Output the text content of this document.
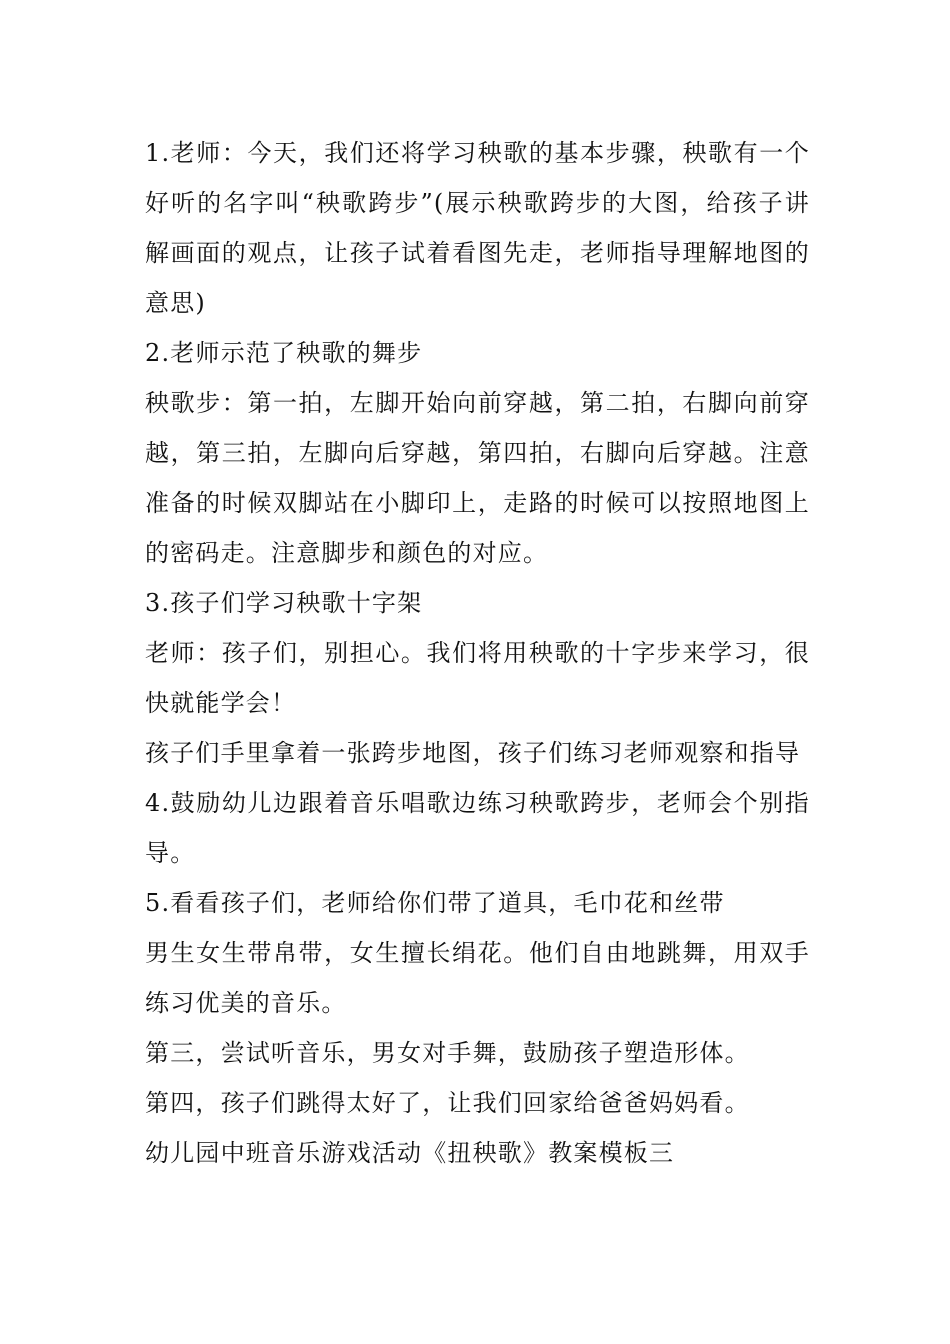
1.老师：今天，我们还将学习秧歌的基本步骤，秧歌有一个好听的名字叫“秧歌跨步”(展示秧歌跨步的大图，给孩子讲解画面的观点，让孩子试着看图先走，老师指导理解地图的意思)

2.老师示范了秧歌的舞步

秧歌步：第一拍，左脚开始向前穿越，第二拍，右脚向前穿越，第三拍，左脚向后穿越，第四拍，右脚向后穿越。注意准备的时候双脚站在小脚印上，走路的时候可以按照地图上的密码走。注意脚步和颜色的对应。

3.孩子们学习秧歌十字架

老师：孩子们，别担心。我们将用秧歌的十字步来学习，很快就能学会！

孩子们手里拿着一张跨步地图，孩子们练习老师观察和指导

4.鼓励幼儿边跟着音乐唱歌边练习秧歌跨步，老师会个别指导。

5.看看孩子们，老师给你们带了道具，毛巾花和丝带

男生女生带帛带，女生擅长绢花。他们自由地跳舞，用双手练习优美的音乐。

第三，尝试听音乐，男女对手舞，鼓励孩子塑造形体。

第四，孩子们跳得太好了，让我们回家给爸爸妈妈看。

幼儿园中班音乐游戏活动《扭秧歌》教案模板三
